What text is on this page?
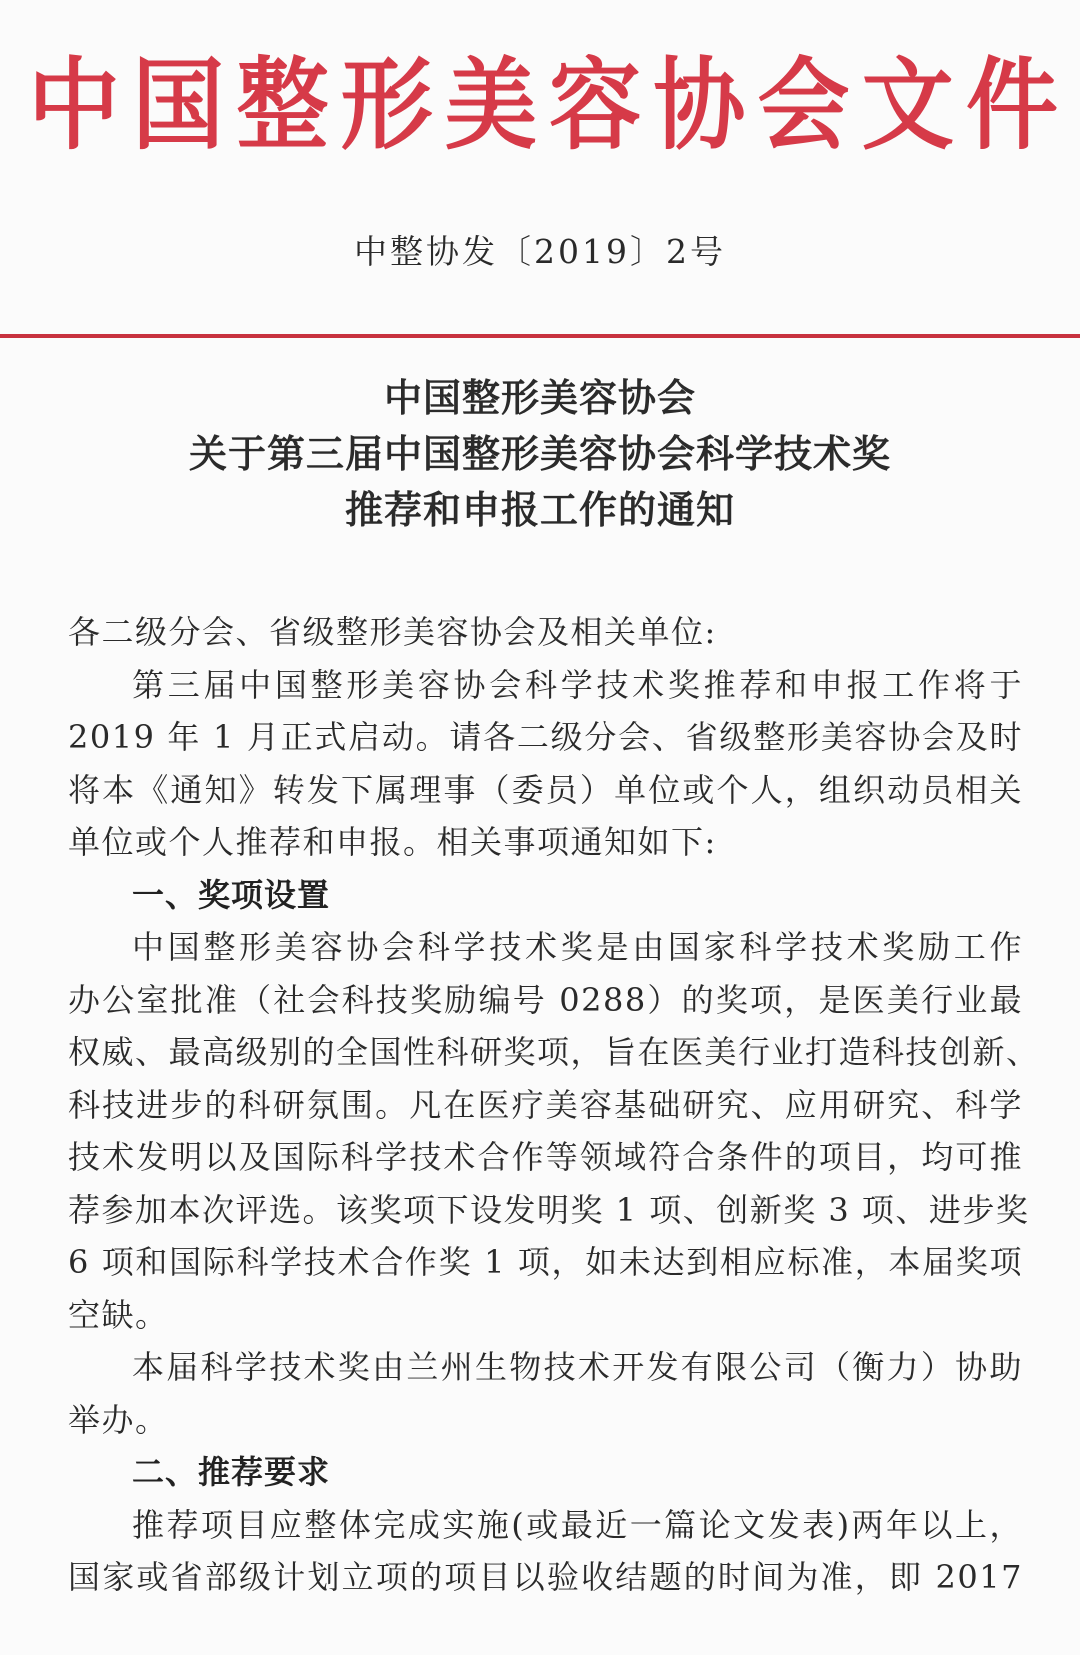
中 国 整 形 美 容 协 会 文 件
中整协发〔2019〕2号
中国整形美容协会
关于第三届中国整形美容协会科学技术奖
推荐和申报工作的通知
各二级分会、省级整形美容协会及相关单位:
第三届中国整形美容协会科学技术奖推荐和申报工作将于
2019 年 1 月正式启动。请各二级分会、省级整形美容协会及时
将本《通知》转发下属理事（委员）单位或个人，组织动员相关
单位或个人推荐和申报。相关事项通知如下:
一、奖项设置
中国整形美容协会科学技术奖是由国家科学技术奖励工作
办公室批准（社会科技奖励编号 0288）的奖项，是医美行业最
权威、最高级别的全国性科研奖项，旨在医美行业打造科技创新、
科技进步的科研氛围。凡在医疗美容基础研究、应用研究、科学
技术发明以及国际科学技术合作等领域符合条件的项目，均可推
荐参加本次评选。该奖项下设发明奖 1 项、创新奖 3 项、进步奖
6 项和国际科学技术合作奖 1 项，如未达到相应标准，本届奖项
空缺。
本届科学技术奖由兰州生物技术开发有限公司（衡力）协助
举办。
二、推荐要求
推荐项目应整体完成实施(或最近一篇论文发表)两年以上，
国家或省部级计划立项的项目以验收结题的时间为准，即 2017
